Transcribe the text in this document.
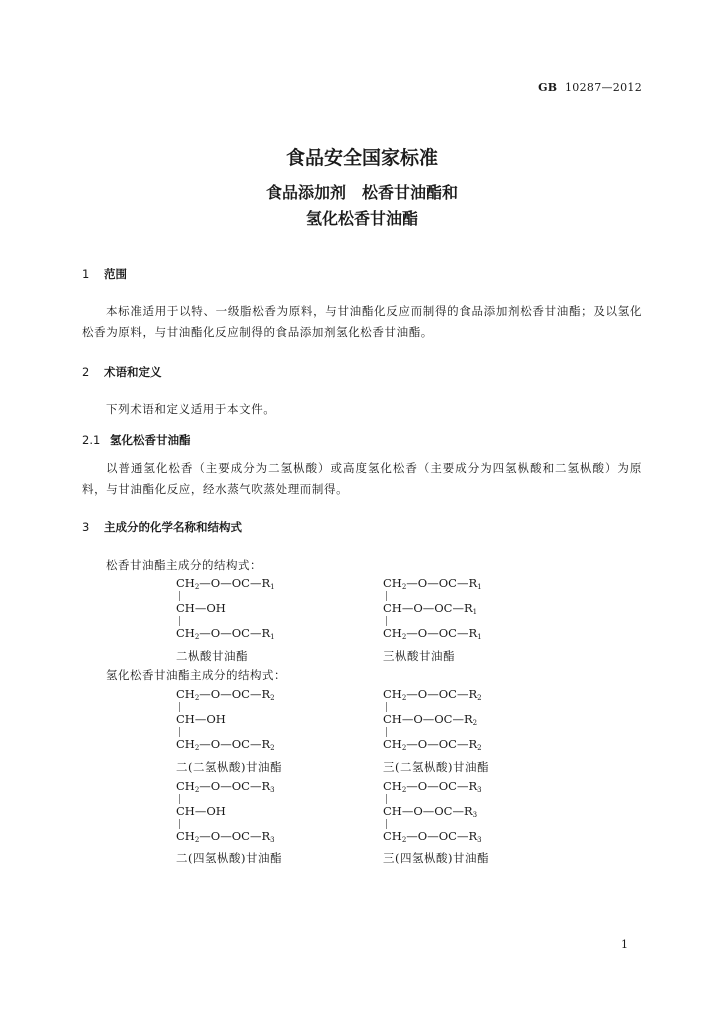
GB 10287—2012
食品安全国家标准
食品添加剂　松香甘油酯和
氢化松香甘油酯
1 范围
本标准适用于以特、一级脂松香为原料，与甘油酯化反应而制得的食品添加剂松香甘油酯；及以氢化松香为原料，与甘油酯化反应制得的食品添加剂氢化松香甘油酯。
2 术语和定义
下列术语和定义适用于本文件。
2.1 氢化松香甘油酯
以普通氢化松香（主要成分为二氢枞酸）或高度氢化松香（主要成分为四氢枞酸和二氢枞酸）为原料，与甘油酯化反应，经水蒸气吹蒸处理而制得。
3 主成分的化学名称和结构式
松香甘油酯主成分的结构式：
氢化松香甘油酯主成分的结构式：
$CH_2—O—OC—R_1$
CH—OH
$CH_2—O—OC—R_1$
二枞酸甘油酯
$CH_2—O—OC—R_1$
$CH—O—OC—R_1$
$CH_2—O—OC—R_1$
三枞酸甘油酯
$CH_2—O—OC—R_2$
CH—OH
$CH_2—O—OC—R_2$
二(二氢枞酸)甘油酯
$CH_2—O—OC—R_2$
$CH—O—OC—R_2$
$CH_2—O—OC—R_2$
三(二氢枞酸)甘油酯
$CH_2—O—OC—R_3$
CH—OH
$CH_2—O—OC—R_3$
二(四氢枞酸)甘油酯
$CH_2—O—OC—R_3$
$CH—O—OC—R_3$
$CH_2—O—OC—R_3$
三(四氢枞酸)甘油酯
1
